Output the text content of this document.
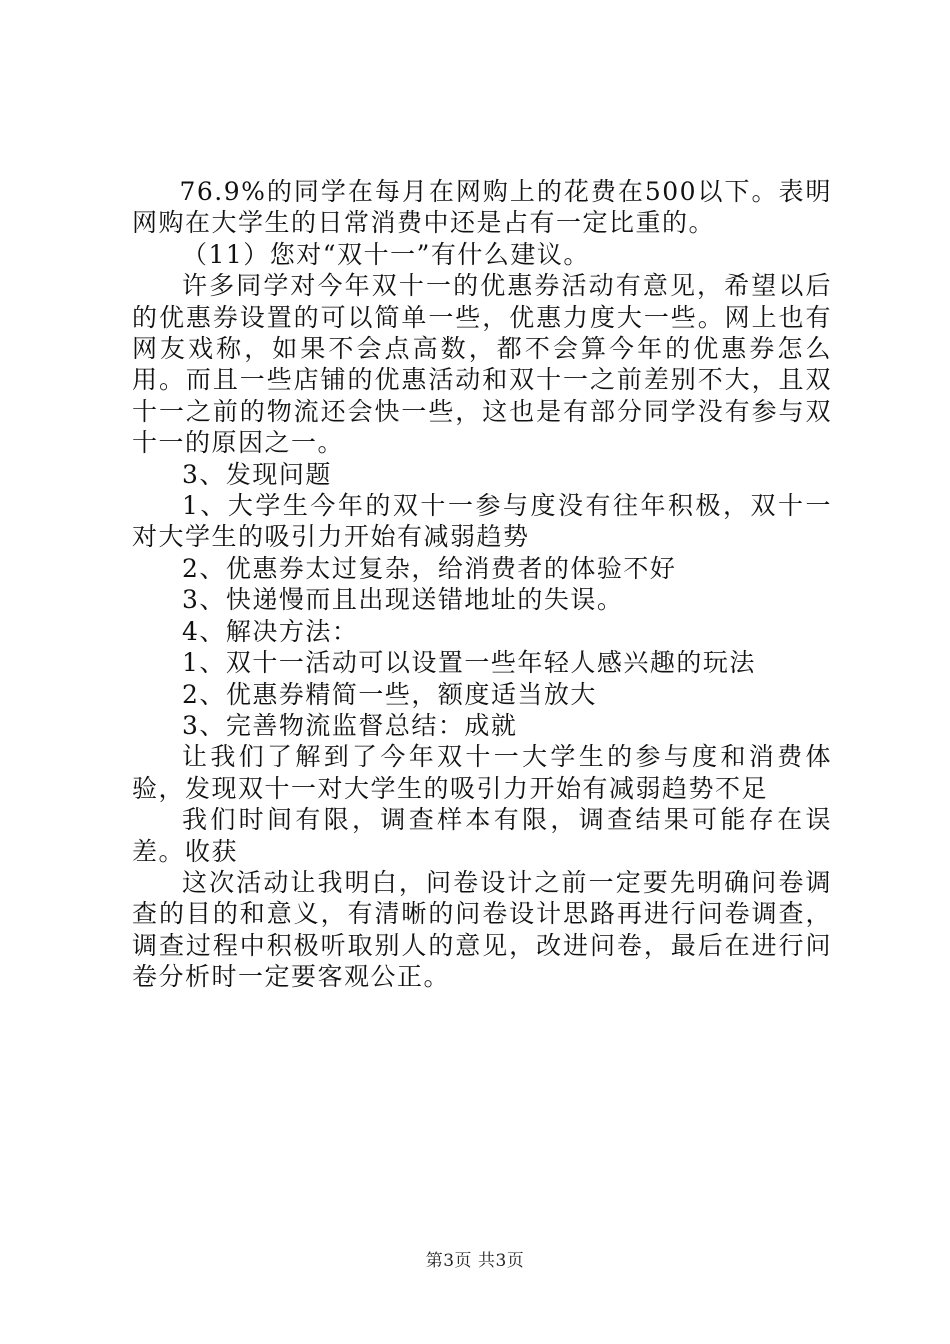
76.9%的同学在每月在网购上的花费在500以下。表明网购在大学生的日常消费中还是占有一定比重的。

（11）您对“双十一”有什么建议。

许多同学对今年双十一的优惠券活动有意见，希望以后的优惠券设置的可以简单一些，优惠力度大一些。网上也有网友戏称，如果不会点高数，都不会算今年的优惠券怎么用。而且一些店铺的优惠活动和双十一之前差别不大，且双十一之前的物流还会快一些，这也是有部分同学没有参与双十一的原因之一。

3、发现问题

1、大学生今年的双十一参与度没有往年积极，双十一对大学生的吸引力开始有减弱趋势

2、优惠券太过复杂，给消费者的体验不好

3、快递慢而且出现送错地址的失误。

4、解决方法：

1、双十一活动可以设置一些年轻人感兴趣的玩法

2、优惠券精简一些，额度适当放大

3、完善物流监督总结：成就

让我们了解到了今年双十一大学生的参与度和消费体验，发现双十一对大学生的吸引力开始有减弱趋势不足

我们时间有限，调查样本有限，调查结果可能存在误差。收获

这次活动让我明白，问卷设计之前一定要先明确问卷调查的目的和意义，有清晰的问卷设计思路再进行问卷调查，调查过程中积极听取别人的意见，改进问卷，最后在进行问卷分析时一定要客观公正。

第3页 共3页
